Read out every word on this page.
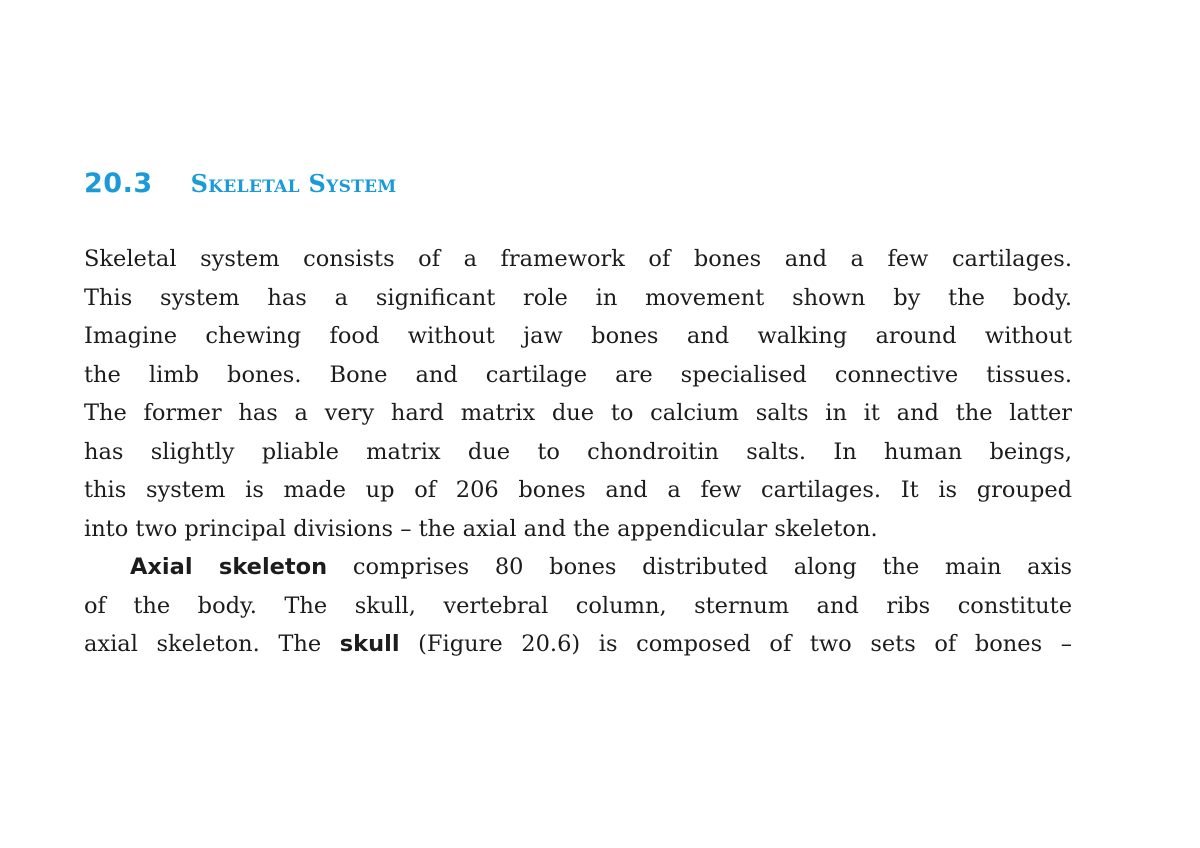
20.3 Skeletal System
Skeletal system consists of a framework of bones and a few cartilages.
This system has a significant role in movement shown by the body.
Imagine chewing food without jaw bones and walking around without
the limb bones. Bone and cartilage are specialised connective tissues.
The former has a very hard matrix due to calcium salts in it and the latter
has slightly pliable matrix due to chondroitin salts. In human beings,
this system is made up of 206 bones and a few cartilages. It is grouped
into two principal divisions – the axial and the appendicular skeleton.
Axial skeleton comprises 80 bones distributed along the main axis
of the body. The skull, vertebral column, sternum and ribs constitute
axial skeleton. The skull (Figure 20.6) is composed of two sets of bones –
